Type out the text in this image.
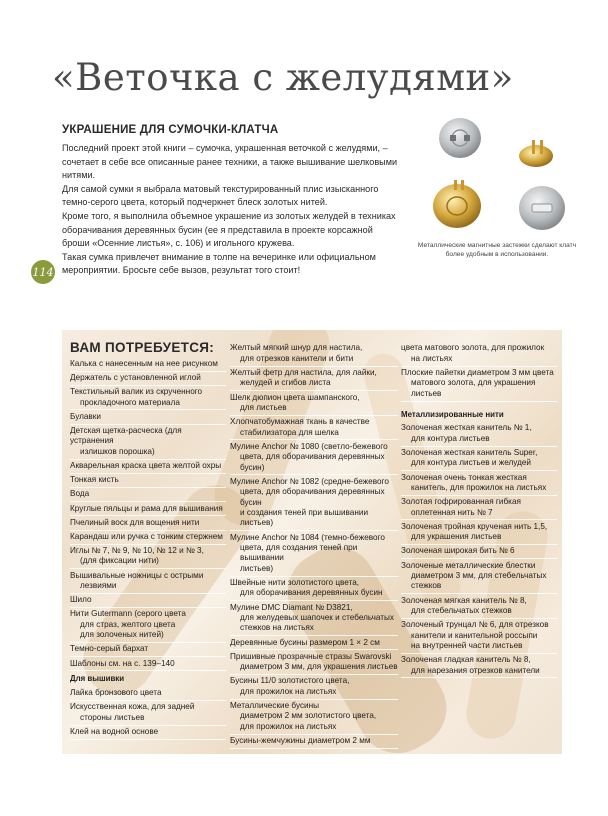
«Веточка с желудями»
УКРАШЕНИЕ ДЛЯ СУМОЧКИ-КЛАТЧА

Последний проект этой книги – сумочка, украшенная веточкой с желудями, – сочетает в себе все описанные ранее техники, а также вышивание шелковыми нитями.

Для самой сумки я выбрала матовый текстурированный плис изысканного темно-серого цвета, который подчеркнет блеск золотых нитей.

Кроме того, я выполнила объемное украшение из золотых желудей в техниках оборачивания деревянных бусин (ее я представила в проекте корсажной броши «Осенние листья», с. 106) и игольного кружева.

Такая сумка привлечет внимание в толпе на вечеринке или официальном мероприятии. Бросьте себе вызов, результат того стоит!

114
Металлические магнитные застежки сделают клатч более удобным в использовании.
ВАМ ПОТРЕБУЕТСЯ:
Калька с нанесенным на нее рисунком
Держатель с установленной иглой
Текстильный валик из скрученного
прокладочного материала
Булавки
Детская щетка-расческа (для устранения
излишков порошка)
Акварельная краска цвета желтой охры
Тонкая кисть
Вода
Круглые пяльцы и рама для вышивания
Пчелиный воск для вощения нити
Карандаш или ручка с тонким стержнем
Иглы № 7, № 9, № 10, № 12 и № 3,
(для фиксации нити)
Вышивальные ножницы с острыми
лезвиями
Шило
Нити Gutermann (серого цвета
для страз, желтого цвета
для золоченых нитей)
Темно-серый бархат
Шаблоны см. на с. 139–140
Для вышивки
Лайка бронзового цвета
Искусственная кожа, для задней
стороны листьев
Клей на водной основе
Желтый мягкий шнур для настила,
для отрезков канители и бити
Желтый фетр для настила, для лайки,
желудей и сгибов листа
Шелк дюпион цвета шампанского,
для листьев
Хлопчатобумажная ткань в качестве
стабилизатора для шелка
Мулине Anchor № 1080 (светло-бежевого
цвета, для оборачивания деревянных бусин)
Мулине Anchor № 1082 (средне-бежевого
цвета, для оборачивания деревянных бусин
и создания теней при вышивании листьев)
Мулине Anchor № 1084 (темно-бежевого
цвета, для создания теней при вышивании
листьев)
Швейные нити золотистого цвета,
для оборачивания деревянных бусин
Мулине DMC Diamant № D3821,
для желудевых шапочек и стебельчатых
стежков на листьях
Деревянные бусины размером 1 × 2 см
Пришивные прозрачные стразы Swarovski
диаметром 3 мм, для украшения листьев
Бусины 11/0 золотистого цвета,
для прожилок на листьях
Металлические бусины
диаметром 2 мм золотистого цвета,
для прожилок на листьях
Бусины-жемчужины диаметром 2 мм
цвета матового золота, для прожилок
на листьях
Плоские пайетки диаметром 3 мм цвета
матового золота, для украшения листьев
Металлизированные нити
Золоченая жесткая канитель № 1,
для контура листьев
Золоченая жесткая канитель Super,
для контура листьев и желудей
Золоченая очень тонкая жесткая
канитель, для прожилок на листьях
Золотая гофрированная гибкая
оплетенная нить № 7
Золоченая тройная крученая нить 1,5,
для украшения листьев
Золоченая широкая бить № 6
Золоченые металлические блестки
диаметром 3 мм, для стебельчатых
стежков
Золоченая мягкая канитель № 8,
для стебельчатых стежков
Золоченый трунцал № 6, для отрезков
канители и канительной россыпи
на внутренней части листьев
Золоченая гладкая канитель № 8,
для нарезания отрезков канители
